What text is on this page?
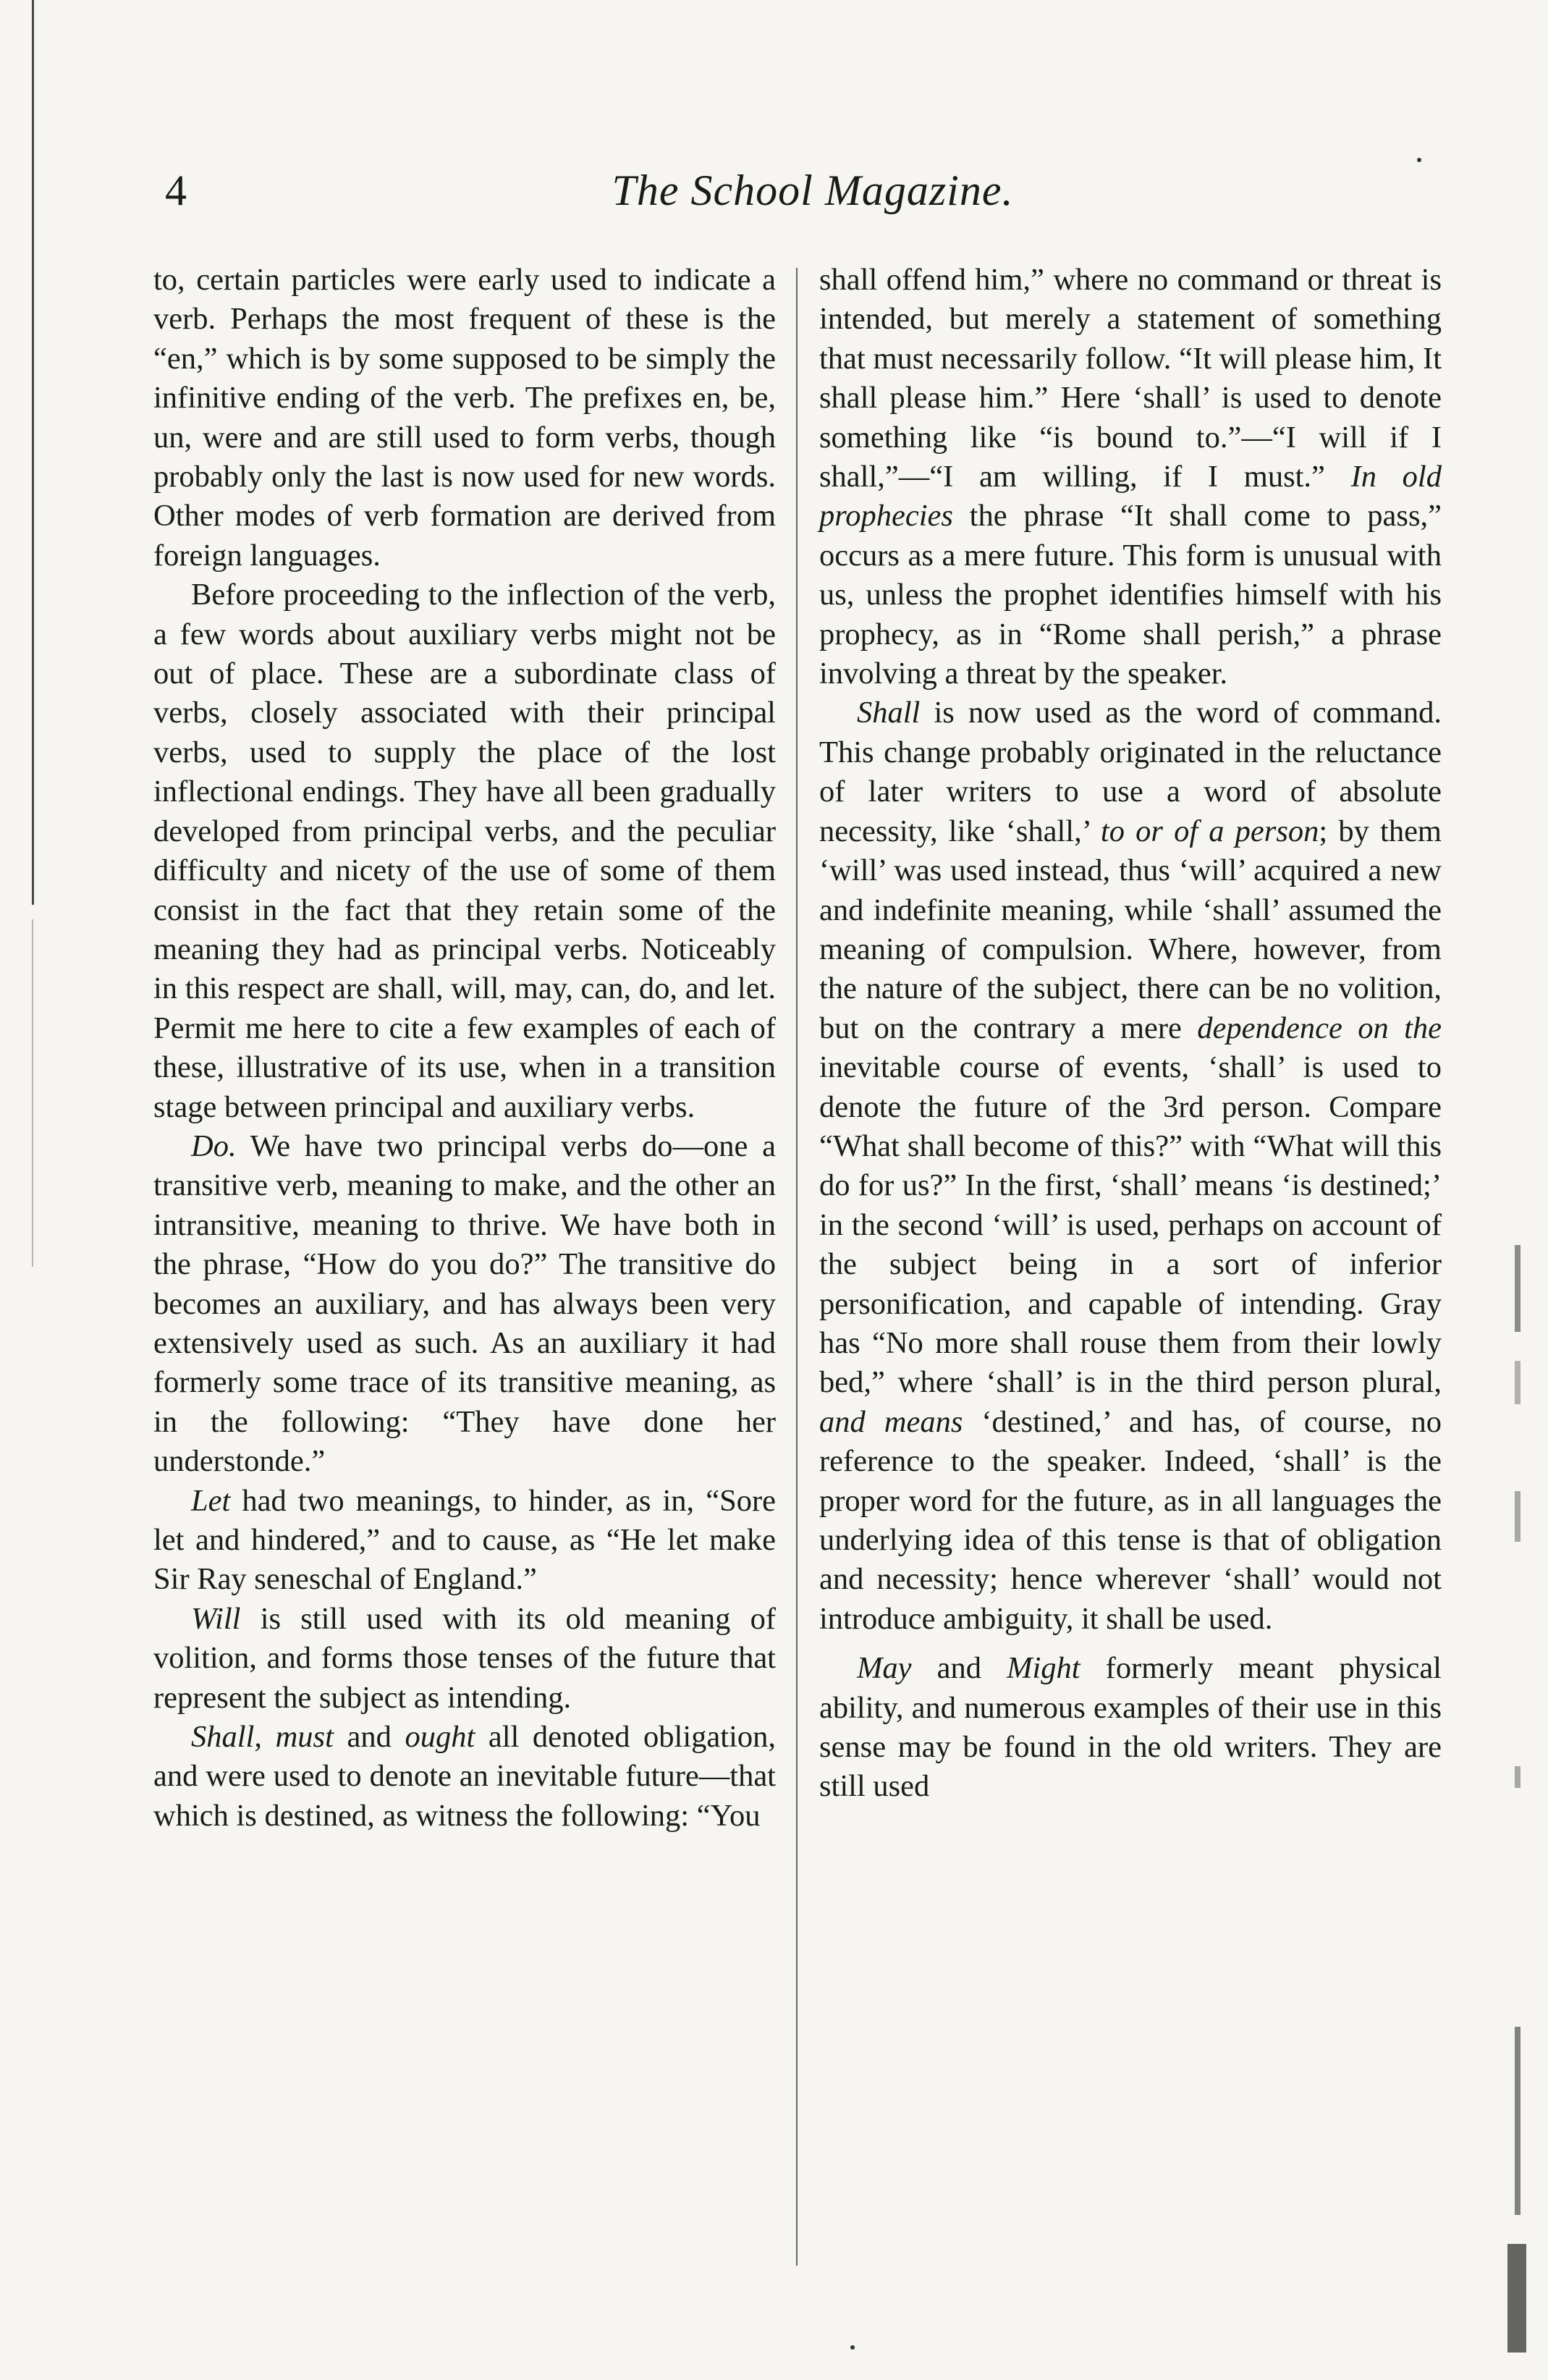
4	The School Magazine.

to, certain particles were early used to indicate a verb. Perhaps the most frequent of these is the “en,” which is by some supposed to be simply the infinitive ending of the verb. The prefixes en, be, un, were and are still used to form verbs, though probably only the last is now used for new words. Other modes of verb formation are derived from foreign languages.

Before proceeding to the inflection of the verb, a few words about auxiliary verbs might not be out of place. These are a subordinate class of verbs, closely associated with their principal verbs, used to supply the place of the lost inflectional endings. They have all been gradually developed from principal verbs, and the peculiar difficulty and nicety of the use of some of them consist in the fact that they retain some of the meaning they had as principal verbs. Noticeably in this respect are shall, will, may, can, do, and let. Permit me here to cite a few examples of each of these, illustrative of its use, when in a transition stage between principal and auxiliary verbs.

Do. We have two principal verbs do—one a transitive verb, meaning to make, and the other an intransitive, meaning to thrive. We have both in the phrase, “How do you do?” The transitive do becomes an auxiliary, and has always been very extensively used as such. As an auxiliary it had formerly some trace of its transitive meaning, as in the following: “They have done her understonde.”

Let had two meanings, to hinder, as in, “Sore let and hindered,” and to cause, as “He let make Sir Ray seneschal of England.”

Will is still used with its old meaning of volition, and forms those tenses of the future that represent the subject as intending.

Shall, must and ought all denoted obligation, and were used to denote an inevitable future—that which is destined, as witness the following: “You

shall offend him,” where no command or threat is intended, but merely a statement of something that must necessarily follow. “It will please him, It shall please him.” Here ‘shall’ is used to denote something like “is bound to.”—“I will if I shall,”—“I am willing, if I must.” In old prophecies the phrase “It shall come to pass,” occurs as a mere future. This form is unusual with us, unless the prophet identifies himself with his prophecy, as in “Rome shall perish,” a phrase involving a threat by the speaker.

Shall is now used as the word of command. This change probably originated in the reluctance of later writers to use a word of absolute necessity, like ‘shall,’ to or of a person; by them ‘will’ was used instead, thus ‘will’ acquired a new and indefinite meaning, while ‘shall’ assumed the meaning of compulsion. Where, however, from the nature of the subject, there can be no volition, but on the contrary a mere dependence on the inevitable course of events, ‘shall’ is used to denote the future of the 3rd person. Compare “What shall become of this?” with “What will this do for us?” In the first, ‘shall’ means ‘is destined;’ in the second ‘will’ is used, perhaps on account of the subject being in a sort of inferior personification, and capable of intending. Gray has “No more shall rouse them from their lowly bed,” where ‘shall’ is in the third person plural, and means ‘destined,’ and has, of course, no reference to the speaker. Indeed, ‘shall’ is the proper word for the future, as in all languages the underlying idea of this tense is that of obligation and necessity; hence wherever ‘shall’ would not introduce ambiguity, it shall be used.

May and Might formerly meant physical ability, and numerous examples of their use in this sense may be found in the old writers. They are still used
